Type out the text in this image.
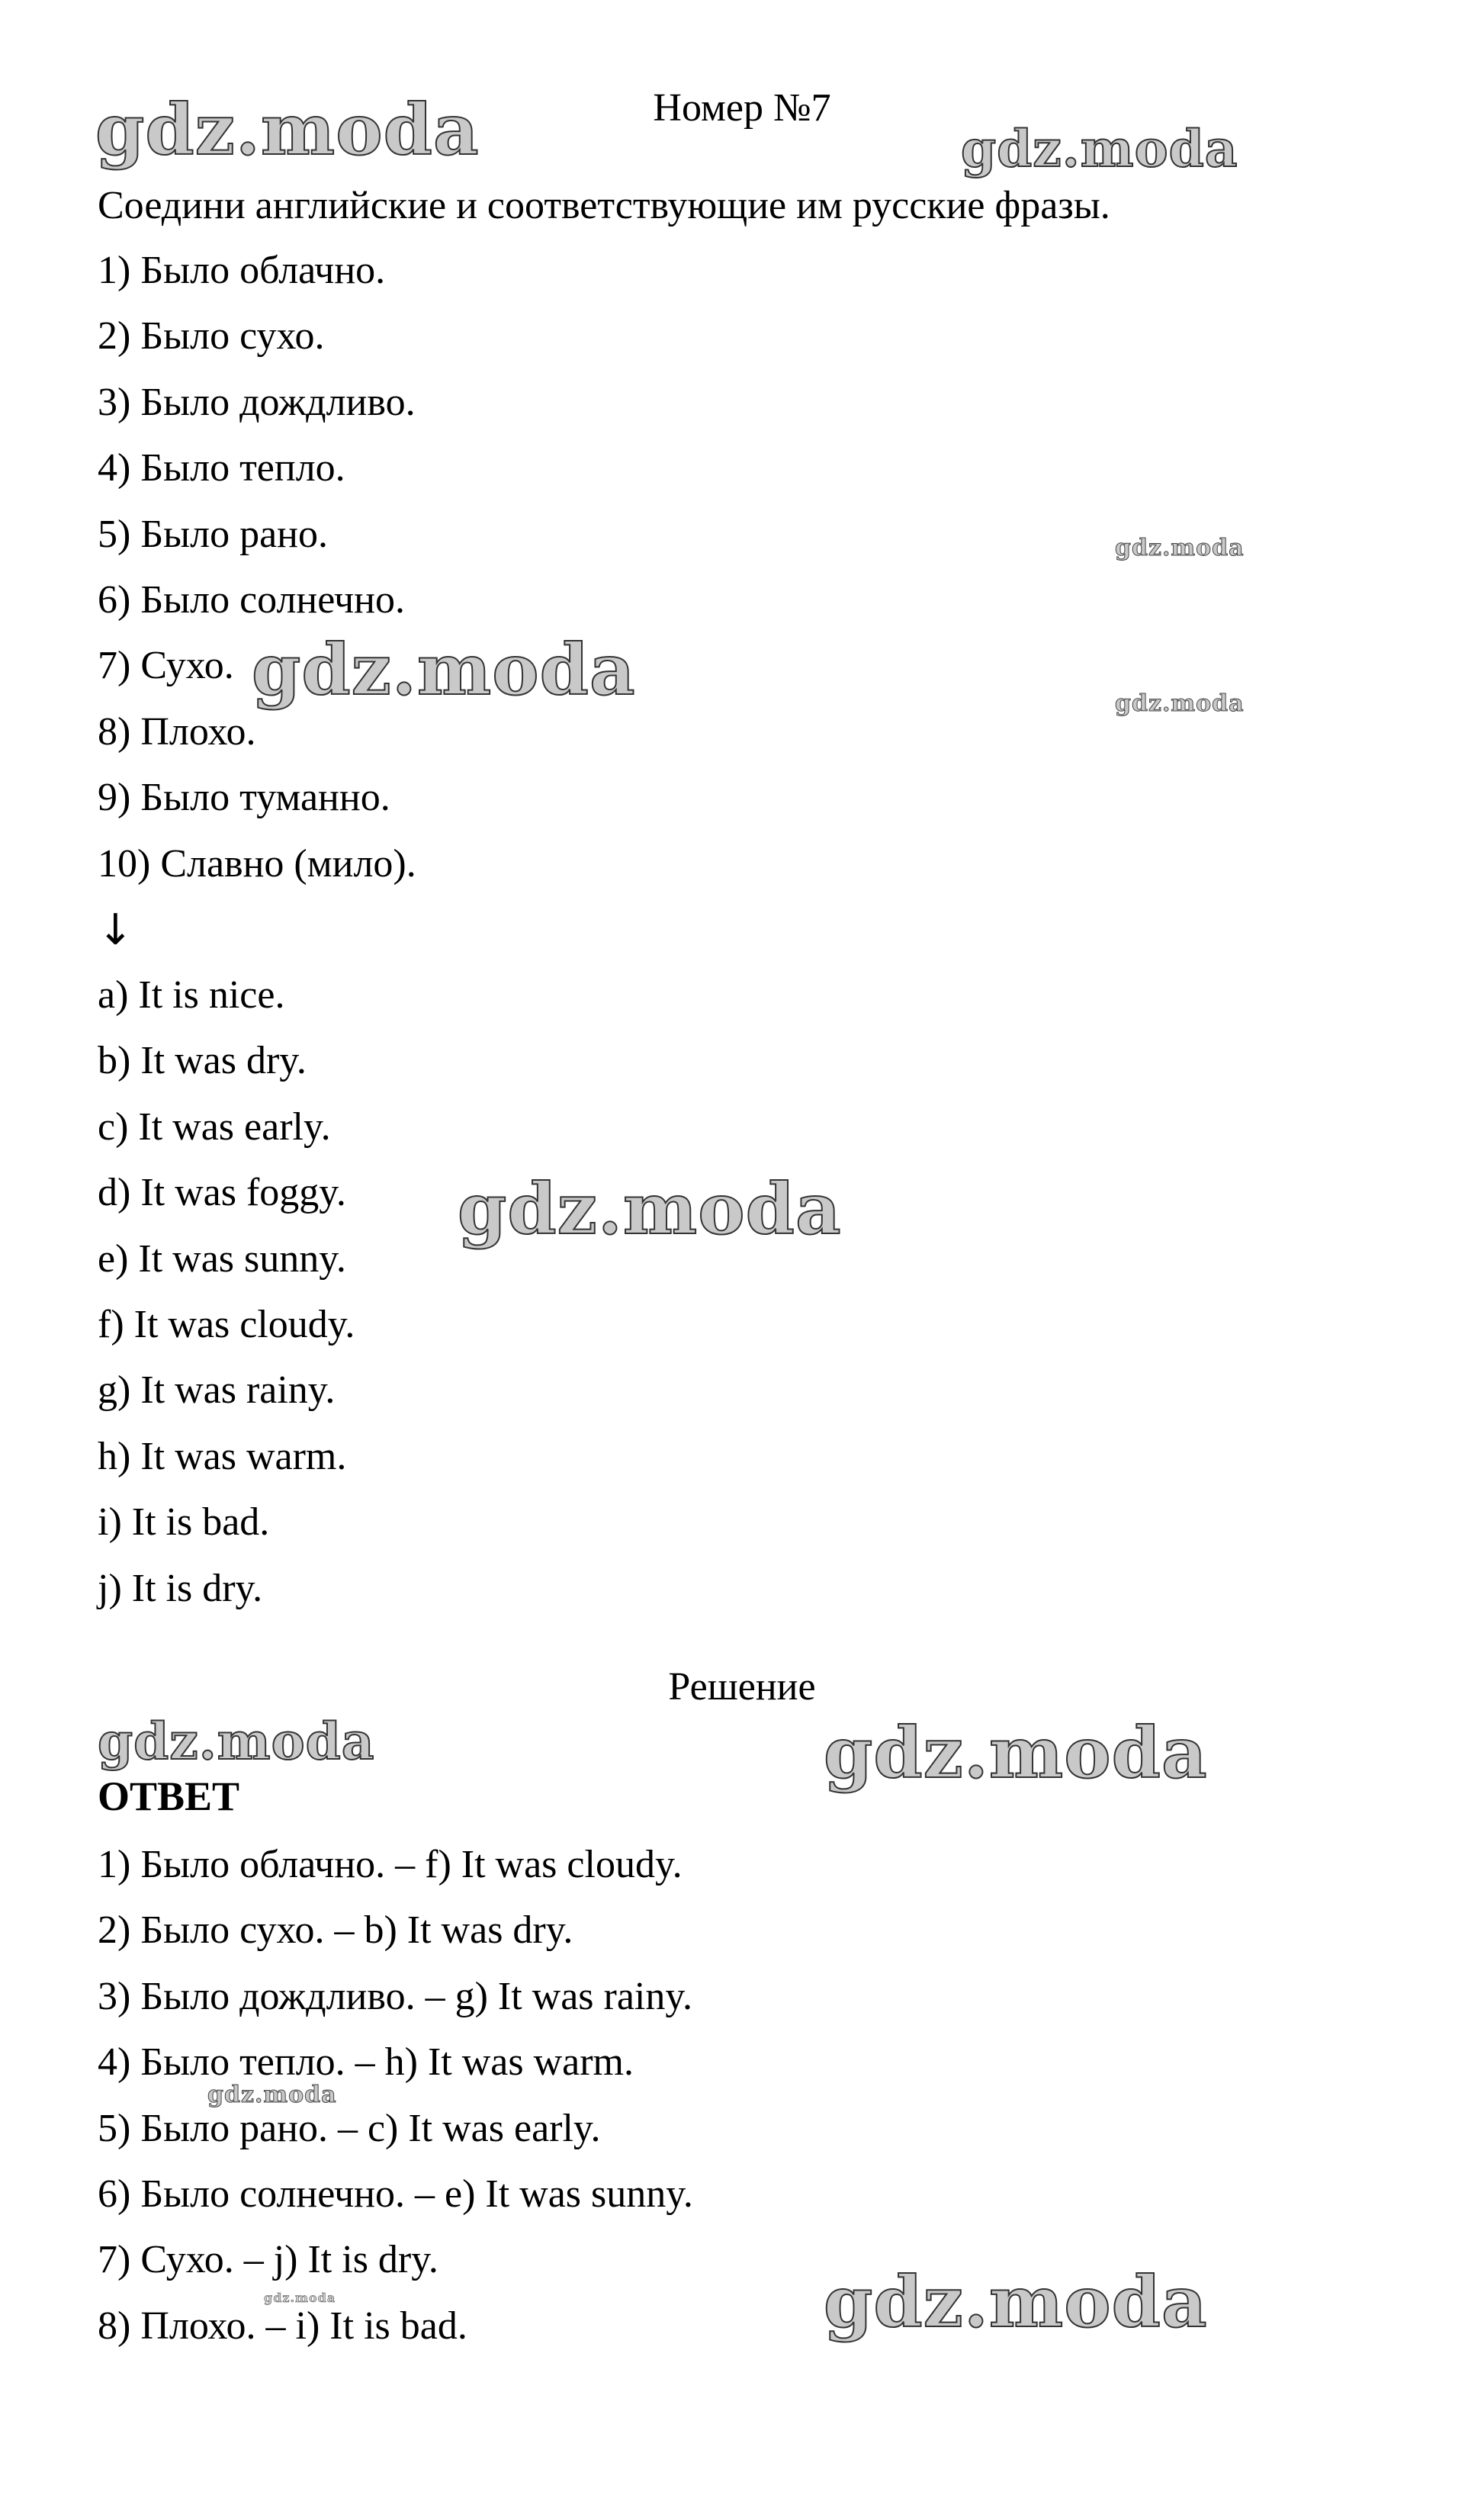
Номер №7
Соедини английские и соответствующие им русские фразы.
1) Было облачно.
2) Было сухо.
3) Было дождливо.
4) Было тепло.
5) Было рано.
6) Было солнечно.
7) Сухо.
8) Плохо.
9) Было туманно.
10) Славно (мило).
↓
a) It is nice.
b) It was dry.
c) It was early.
d) It was foggy.
e) It was sunny.
f) It was cloudy.
g) It was rainy.
h) It was warm.
i) It is bad.
j) It is dry.
Решение
ОТВЕТ
1) Было облачно. – f) It was cloudy.
2) Было сухо. – b) It was dry.
3) Было дождливо. – g) It was rainy.
4) Было тепло. – h) It was warm.
5) Было рано. – c) It was early.
6) Было солнечно. – e) It was sunny.
7) Сухо. – j) It is dry.
8) Плохо. – i) It is bad.
gdz.moda	gdz.moda
gdz.moda
gdz.moda	gdz.moda
gdz.moda
gdz.moda	gdz.moda
gdz.moda
gdz.moda	gdz.moda
